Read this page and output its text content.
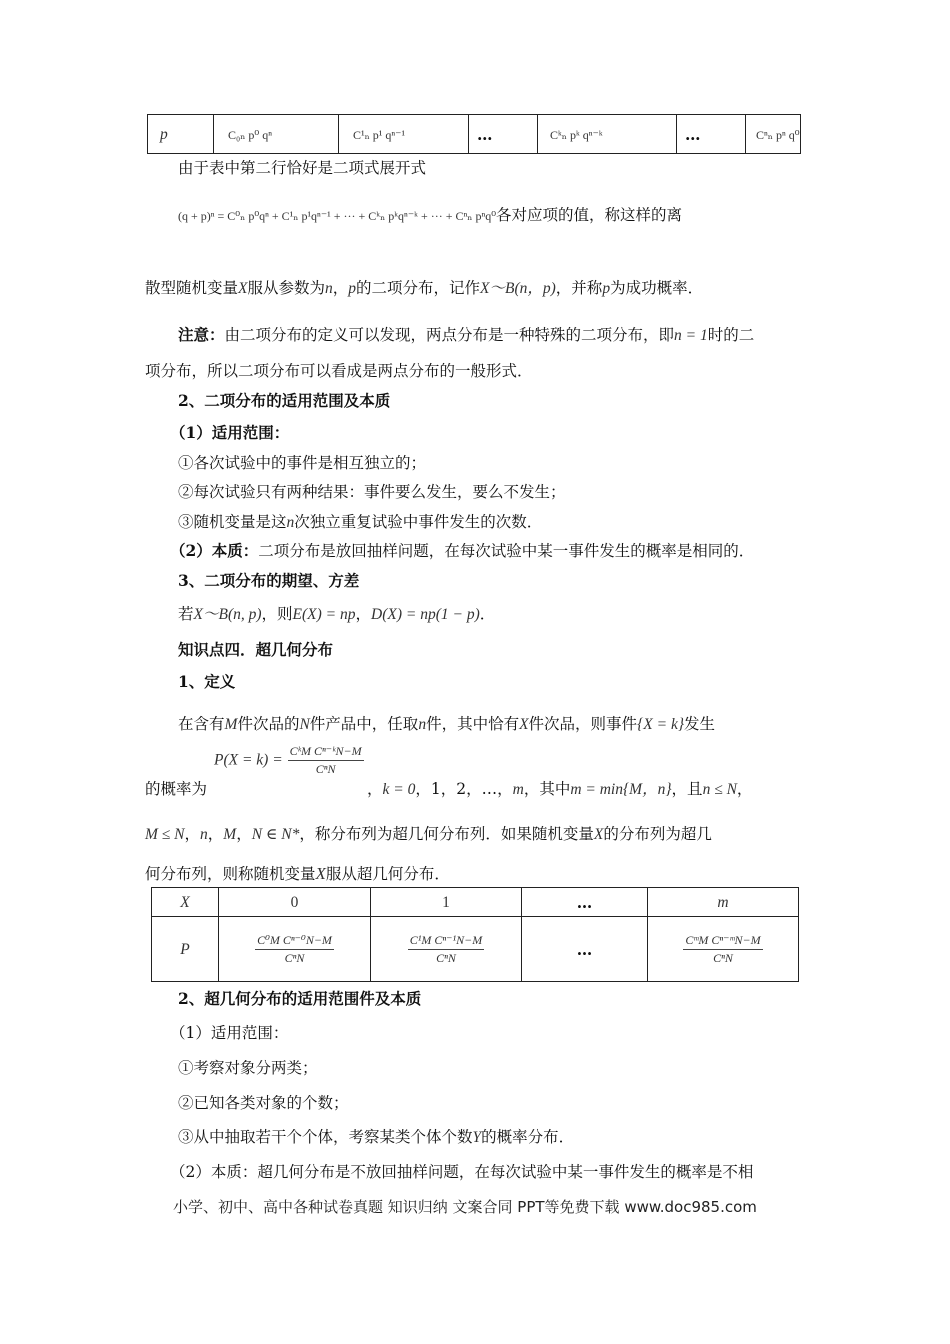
p	C₀ₙ p⁰ qⁿ	C¹ₙ p¹ qⁿ⁻¹	…	Cᵏₙ pᵏ qⁿ⁻ᵏ	…	Cⁿₙ pⁿ q⁰
由于表中第二行恰好是二项式展开式
(q + p)ⁿ = C⁰ₙ p⁰qⁿ + C¹ₙ p¹qⁿ⁻¹ + ··· + Cᵏₙ pᵏqⁿ⁻ᵏ + ··· + Cⁿₙ pⁿq⁰各对应项的值，称这样的离
散型随机变量X服从参数为n，p的二项分布，记作X～B(n，p)，并称p为成功概率．
注意：由二项分布的定义可以发现，两点分布是一种特殊的二项分布，即n = 1时的二
项分布，所以二项分布可以看成是两点分布的一般形式．
2、二项分布的适用范围及本质
（1）适用范围：
①各次试验中的事件是相互独立的；
②每次试验只有两种结果：事件要么发生，要么不发生；
③随机变量是这n次独立重复试验中事件发生的次数．
（2）本质：二项分布是放回抽样问题，在每次试验中某一事件发生的概率是相同的．
3、二项分布的期望、方差
若X～B(n, p)，则E(X) = np，D(X) = np(1 − p)．
知识点四．超几何分布
1、定义
在含有M件次品的N件产品中，任取n件，其中恰有X件次品，则事件{X = k}发生
$P(X = k) = \frac{\text{CᵏM Cⁿ⁻ᵏN−M}}{\text{CⁿN}}$
的概率为	，k = 0，1，2，…，m，其中m = min{M，n}，且n ≤ N，
M ≤ N，n，M，N ∈ N*，称分布列为超几何分布列．如果随机变量X的分布列为超几
何分布列，则称随机变量X服从超几何分布．
X	0	1	…	m
P	$\frac{\text{C⁰M Cⁿ⁻⁰N−M}}{\text{CⁿN}}$	$\frac{\text{C¹M Cⁿ⁻¹N−M}}{\text{CⁿN}}$	…	$\frac{\text{CᵐM Cⁿ⁻ᵐN−M}}{\text{CⁿN}}$
2、超几何分布的适用范围件及本质
（1）适用范围：
①考察对象分两类；
②已知各类对象的个数；
③从中抽取若干个个体，考察某类个体个数Y的概率分布．
（2）本质：超几何分布是不放回抽样问题，在每次试验中某一事件发生的概率是不相
小学、初中、高中各种试卷真题 知识归纳 文案合同 PPT等免费下载 www.doc985.com
